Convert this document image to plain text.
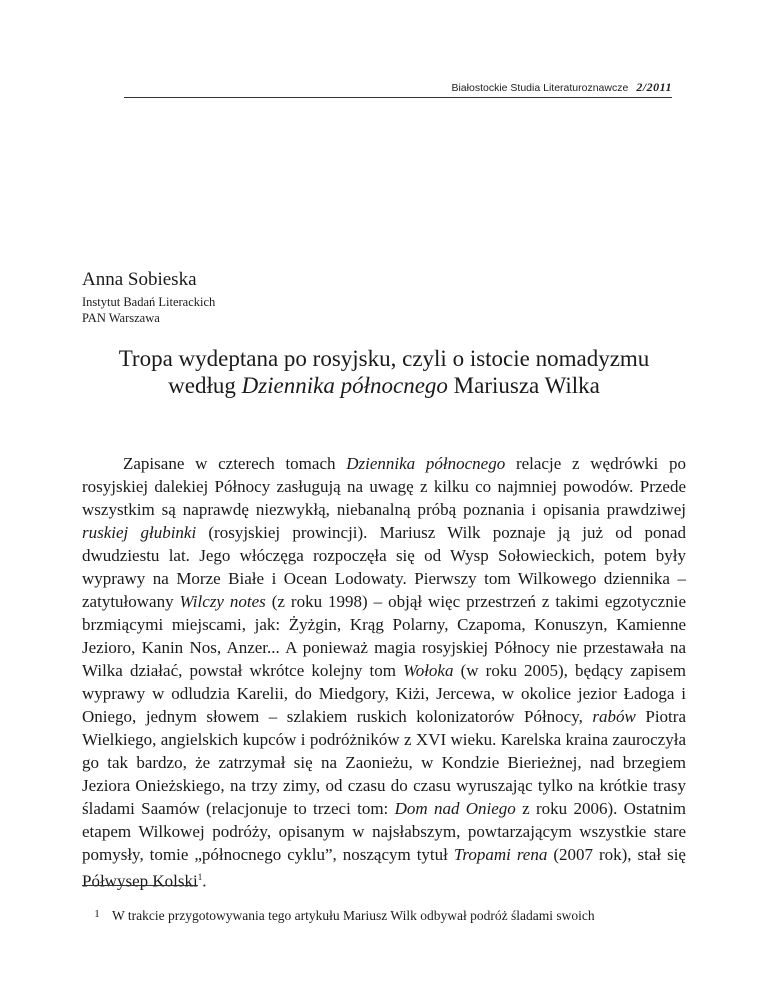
Białostockie Studia Literaturoznawcze 2/2011
Anna Sobieska
Instytut Badań Literackich
PAN Warszawa
Tropa wydeptana po rosyjsku, czyli o istocie nomadyzmu według Dziennika północnego Mariusza Wilka

Zapisane w czterech tomach Dziennika północnego relacje z wędrówki po rosyjskiej dalekiej Północy zasługują na uwagę z kilku co najmniej powodów. Przede wszystkim są naprawdę niezwykłą, niebanalną próbą poznania i opisania prawdziwej ruskiej głubinki (rosyjskiej prowincji). Mariusz Wilk poznaje ją już od ponad dwudziestu lat. Jego włóczęga rozpoczęła się od Wysp Sołowieckich, potem były wyprawy na Morze Białe i Ocean Lodowaty. Pierwszy tom Wilkowego dziennika – zatytułowany Wilczy notes (z roku 1998) – objął więc przestrzeń z takimi egzotycznie brzmiącymi miejscami, jak: Żyżgin, Krąg Polarny, Czapoma, Konuszyn, Kamienne Jezioro, Kanin Nos, Anzer... A ponieważ magia rosyjskiej Północy nie przestawała na Wilka działać, powstał wkrótce kolejny tom Wołoka (w roku 2005), będący zapisem wyprawy w odludzia Karelii, do Miedgory, Kiżi, Jercewa, w okolice jezior Ładoga i Oniego, jednym słowem – szlakiem ruskich kolonizatorów Północy, rabów Piotra Wielkiego, angielskich kupców i podróżników z XVI wieku. Karelska kraina zauroczyła go tak bardzo, że zatrzymał się na Zaonieżu, w Kondzie Bierieżnej, nad brzegiem Jeziora Onieżskiego, na trzy zimy, od czasu do czasu wyruszając tylko na krótkie trasy śladami Saamów (relacjonuje to trzeci tom: Dom nad Oniego z roku 2006). Ostatnim etapem Wilkowej podróży, opisanym w najsłabszym, powtarzającym wszystkie stare pomysły, tomie „północnego cyklu”, noszącym tytuł Tropami rena (2007 rok), stał się Półwysep Kolski$^1$.

1 W trakcie przygotowywania tego artykułu Mariusz Wilk odbywał podróż śladami swoich
